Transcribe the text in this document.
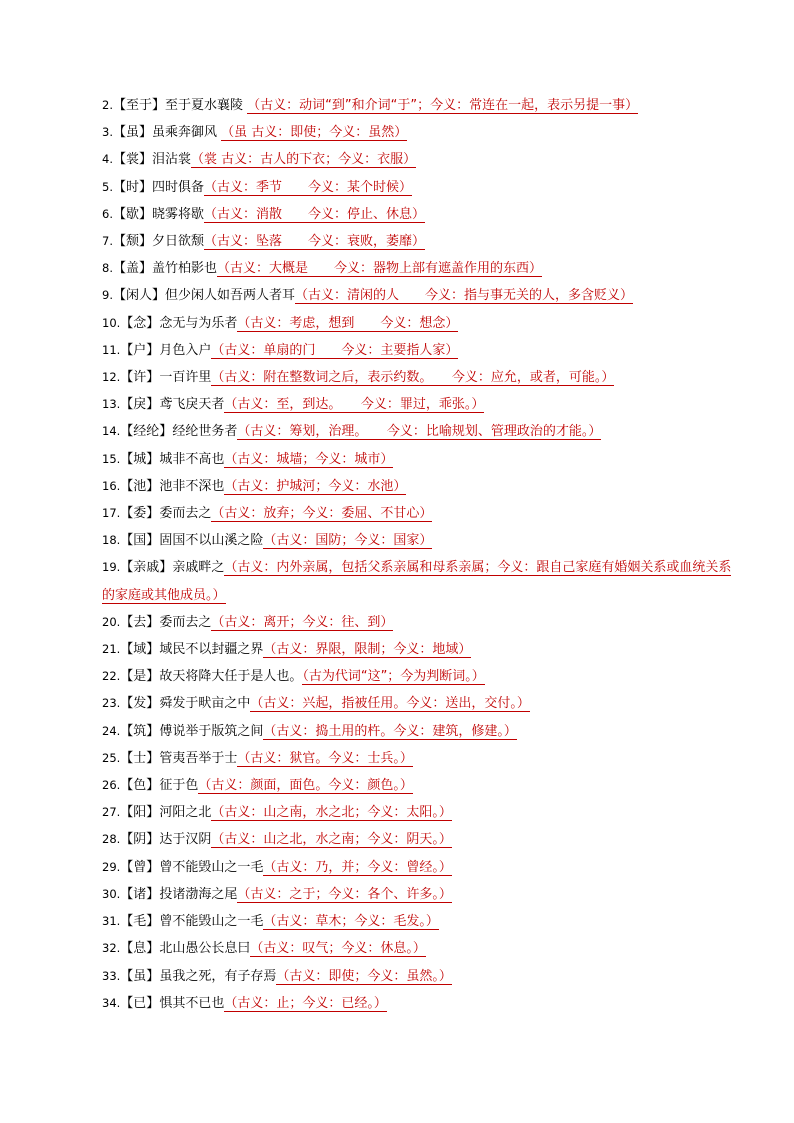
2.【至于】至于夏水襄陵 （古义：动词“到”和介词“于”；今义：常连在一起，表示另提一事）
3.【虽】虽乘奔御风 （虽 古义：即使；今义：虽然）
4.【裳】泪沾裳（裳 古义：古人的下衣；今义：衣服）
5.【时】四时俱备（古义：季节　　今义：某个时候）
6.【歇】晓雾将歇（古义：消散　　今义：停止、休息）
7.【颓】夕日欲颓（古义：坠落　　今义：衰败，萎靡）
8.【盖】盖竹柏影也（古义：大概是　　今义：器物上部有遮盖作用的东西）
9.【闲人】但少闲人如吾两人者耳（古义：清闲的人　　今义：指与事无关的人，多含贬义）
10.【念】念无与为乐者（古义：考虑，想到　　今义：想念）
11.【户】月色入户（古义：单扇的门　　今义：主要指人家）
12.【许】一百许里（古义：附在整数词之后，表示约数。　　今义：应允，或者，可能。）
13.【戾】鸢飞戾天者（古义：至，到达。　　今义：罪过，乖张。）
14.【经纶】经纶世务者（古义：筹划，治理。　　今义：比喻规划、管理政治的才能。）
15.【城】城非不高也（古义：城墙；今义：城市）
16.【池】池非不深也（古义：护城河；今义：水池）
17.【委】委而去之（古义：放弃；今义：委屈、不甘心）
18.【国】固国不以山溪之险（古义：国防；今义：国家）
19.【亲戚】亲戚畔之（古义：内外亲属，包括父系亲属和母系亲属；今义：跟自己家庭有婚姻关系或血统关系的家庭或其他成员。）
20.【去】委而去之（古义：离开；今义：往、到）
21.【域】域民不以封疆之界（古义：界限，限制；今义：地域）
22.【是】故天将降大任于是人也。（古为代词“这”；今为判断词。）
23.【发】舜发于畎亩之中（古义：兴起，指被任用。今义：送出，交付。）
24.【筑】傅说举于版筑之间（古义：捣土用的杵。今义：建筑，修建。）
25.【士】管夷吾举于士（古义：狱官。今义：士兵。）
26.【色】征于色（古义：颜面，面色。今义：颜色。）
27.【阳】河阳之北（古义：山之南，水之北；今义：太阳。）
28.【阴】达于汉阴（古义：山之北，水之南；今义：阴天。）
29.【曾】曾不能毁山之一毛（古义：乃，并；今义：曾经。）
30.【诸】投诸渤海之尾（古义：之于；今义：各个、许多。）
31.【毛】曾不能毁山之一毛（古义：草木；今义：毛发。）
32.【息】北山愚公长息曰（古义：叹气；今义：休息。）
33.【虽】虽我之死，有子存焉（古义：即使；今义：虽然。）
34.【已】惧其不已也（古义：止；今义：已经。）
